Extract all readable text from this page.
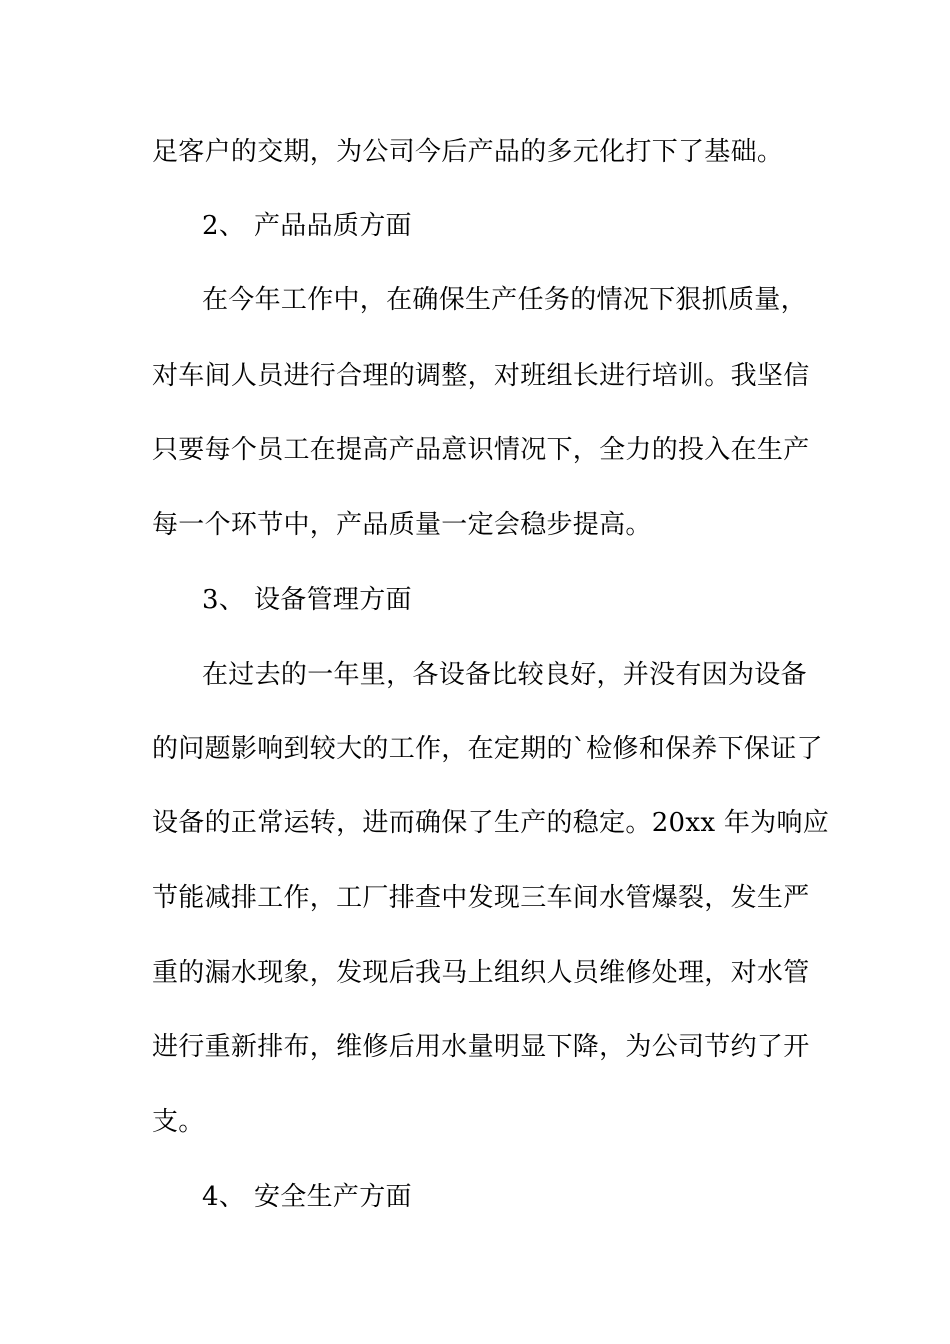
足客户的交期，为公司今后产品的多元化打下了基础。
2、 产品品质方面
在今年工作中，在确保生产任务的情况下狠抓质量，
对车间人员进行合理的调整，对班组长进行培训。我坚信
只要每个员工在提高产品意识情况下，全力的投入在生产
每一个环节中，产品质量一定会稳步提高。
3、 设备管理方面
在过去的一年里，各设备比较良好，并没有因为设备
的问题影响到较大的工作，在定期的`检修和保养下保证了
设备的正常运转，进而确保了生产的稳定。20xx 年为响应
节能减排工作，工厂排查中发现三车间水管爆裂，发生严
重的漏水现象，发现后我马上组织人员维修处理，对水管
进行重新排布，维修后用水量明显下降，为公司节约了开
支。
4、 安全生产方面
